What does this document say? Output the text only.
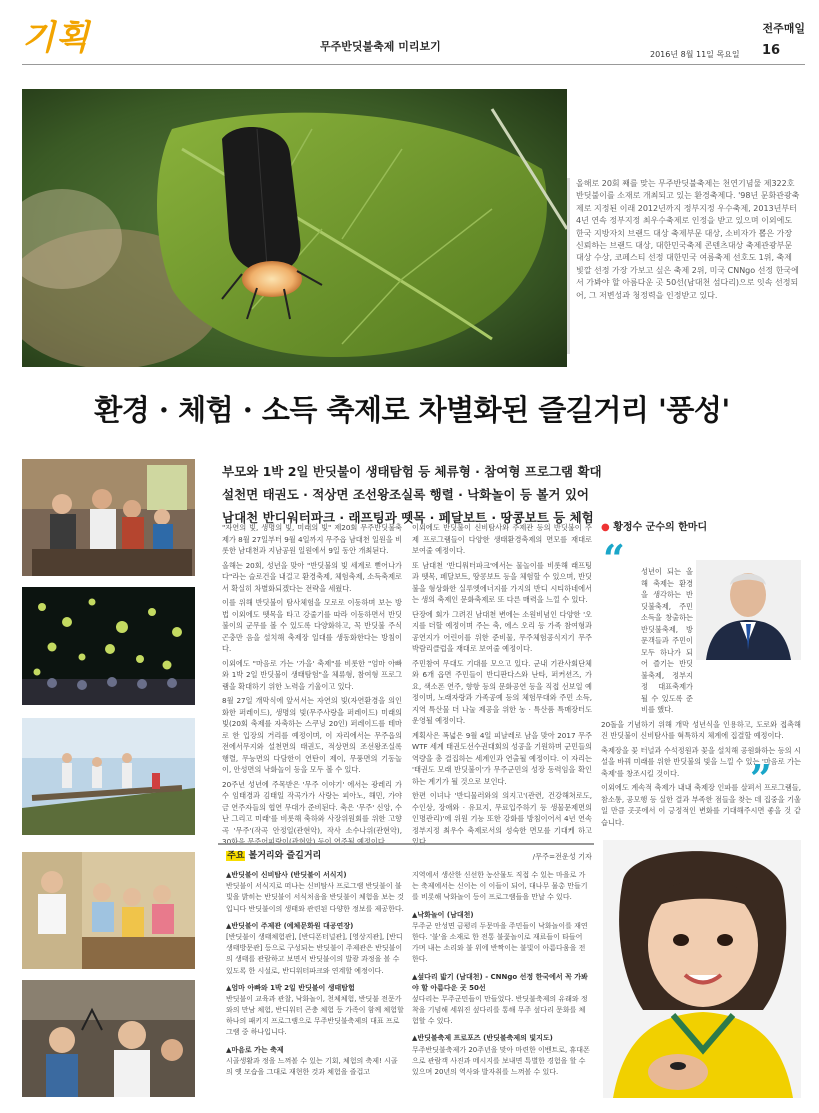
기획	무주반딧불축제 미리보기
전주매일
2016년 8월 11일 목요일 16
올해로 20회 째를 맞는 무주반딧불축제는 천연기념물 제322호 반딧불이를 소재로 개최되고 있는 환경축제다. '98년 문화관광축제로 지정된 이래 2012년까지 정부지정 우수축제, 2013년부터 4년 연속 정부지정 최우수축제로 인정을 받고 있으며 이외에도 한국 지방자치 브랜드 대상 축제부문 대상, 소비자가 뽑은 가장 신뢰하는 브랜드 대상, 대한민국축제 콘텐츠대상 축제관광부문 대상 수상, 코페스티 선정 대한민국 여름축제 선호도 1위, 축제 빛깔 선정 가장 가보고 싶은 축제 2위, 미국 CNNgo 선정 한국에서 가봐야 할 아름다운 곳 50선(남대천 섬다리)으로 잇속 선정되어, 그 저변성과 청정력을 인정받고 있다.
환경 · 체험 · 소득 축제로 차별화된 즐길거리 '풍성'
부모와 1박 2일 반딧불이 생태탐험 등 체류형 · 참여형 프로그램 확대
설천면 태권도 · 적상면 조선왕조실록 행렬 · 낙화놀이 등 볼거 있어
남대천 반디워터파크 · 래프팅과 뗏목 · 페달보트 · 땅콩보트 등 체험

"자연의 빛, 생명의 빛, 미래의 빛" 제20회 무주반딧불축제가 8월 27일부터 9월 4일까지 무주읍 남대천 일원을 비롯한 남대천과 지남공원 일원에서 9일 동안 개최된다.

올해는 20회, 성년을 맞아 "반딧불의 빛 세계로 뻗어나가다"라는 슬로건을 내걸고 환경축제, 체험축제, 소득축제로서 확실히 차별화되겠다는 전략을 세웠다.

이를 위해 반딧불이 탐사체험을 모로로 이동하며 보는 방법 이외에도 뗏목을 타고 강줄기를 따라 이동하면서 반딧불이의 군무를 볼 수 있도록 다양화하고, 꼭 반딧불 주식 곤충만 음을 설치해 축제장 일대를 생동화한다는 방침이다.

이외에도 "마음로 가는 '가을' 축제"를 비롯한 "엄마 아빠와 1박 2일 반딧불이 생태탐험"을 체류형, 참여형 프로그램을 확대하기 위한 노력을 기울이고 있다.

8월 27일 개막식에 앞서서는 자연의 빛(자연환경을 의인화한 퍼레이드), 생명의 빛(무주사랑을 퍼레이드) 미래의 빛(20회 축제를 자축하는 스쿠닝 20인) 퍼레이드를 테마로 한 입장의 거리를 예정이며, 이 자리에서는 무주읍의 전에서무지와 설천면의 태권도, 적상면의 조선왕조실록 행렬, 무능면의 다담한이 연탄이 제이, 무풍면의 기동놀이, 안성면의 낙화놀이 등을 모두 볼 수 있다.

20주년 성년에 주목받은 '무주 이야기' 에서는 광레리 가수 임태경과 김태일 작곡가가 사랑는 피아노, 해민, 가야금 연주자들의 협연 무대가 준비된다. 축은 '무주' 신앙, 수난 그리고 미래'를 비롯해 축하와 사장위원회를 위한 고향곡 '무주'(작곡 안정일(관현악), 작사 소수나위(관현악), 30화음 무주어피랑이(관현악) 등이 연주될 예정이다.

이외에도 반딧불이 신비탐사와 주제관 등의 반딧불이 주제 프로그램들이 다양한 생태환경축제의 면모를 재대로 보여줄 예정이다.

또 남대천 '반디워터파크'에서는 물놀이를 비롯해 래프팅과 뗏목, 페달보트, 땅콩보트 등을 체험할 수 있으며, 반딧불을 형상화한 실루엣에너지를 가지의 반디 시티하네에서는 생의 축제인 문화축제로 또 다른 매력을 느낄 수 있다.

단장에 회가 그려진 남대천 변에는 소원비념인 다양한 '오지를 더할 예정이며 주는 축, 에스 오리 등 가족 참여형과 공연지가 어린이를 위한 준비물, 무주체험공식지기 무주박람리클럽을 재대로 보여줄 예정이다.

주민참여 무대도 기대를 모으고 있다. 군내 기관사회단체와 6개 읍면 주민들이 반디판다스와 난타, 퍼커션즈, 가요, 색소폰 연주, 향항 등의 문화공연 등을 직접 선보일 예정이며, 노래자랑과 가족공예 등의 체험무대와 주민 소득, 지역 특산물 더 나눌 제공을 위한 농 · 특산품 특매장터도 운영될 예정이다.

계획사은 폭넓은 9월 4일 피날레로 남을 맞아 2017 무주 WTF 세계 태권도선수권대회의 성공을 기원하며 군민들의 역량을 총 결집하는 세계인과 연출될 예정이다. 이 자리는 '태권도 모래 반딧불이'가 무주군민의 성장 동력임을 확인하는 계기가 될 것으로 보인다.

한편 이녀나 '반디물러와의 의지고'(관련, 건강해쳐로도, 수인상, 장애와 · 유묘지, 무료입주하기 등 생물문제면의 인명관리)'에 위원 기능 또한 강화를 방침이어서 4년 연속 정부지정 최우수 축제로서의 성숙한 면모를 기대케 하고 있다.

/무주=전운성 기자

● 황정수 군수의 한마디
“	성년이 되는 올해 축제는 환경을 생각하는 반딧불축제, 주민소득을 창출하는 반딧불축제, 방문객들과 주민이 모두 하나가 되어 즐기는 반딧불축제, 정부지정 대표축제가 될 수 있도록 준비를 했다.

20돌을 기념하기 위해 개막 성년식을 인용하고, 도로와 접촉해진 반딧불이 신비탐사를 혁특하지 체계에 집결할 예정이다.

축제장을 꽃 터널과 수석정원과 꽃을 설치해 공원화하는 등의 시설을 바꿔 미래를 위한 반딧불의 빛을 느낄 수 있는 '마음로 가는 축제'를 창조시킬 것이다.

이외에도 계속적 축제가 내내 축제장 인파를 살펴서 프로그램들, 참소통, 공모행 등 실한 결과 부족한 점들을 찾는 데 집중을 기울일 만큼 곳곳에서 이 긍정적인 변화를 기대해주시면 좋을 것 같습니다.

”
주요 볼거리와 즐길거리

▲반딧불이 신비탐사 (반딧불이 서식지)
반딧불이 서식지로 떠나는 신비탐사 프로그램 반딧불이 불빛을 밝히는 반딧불이 서식처음을 반딧불이 체험을 보는 것입니다 반딧불이의 생태와 관련된 다양한 정보를 제공한다.

▲반딧불이 주제관 (예체문화원 대공연장)
[반딧불이 생태체험관], [반디폰터널관], [영상지관], [반디생태방문관] 등으로 구성되는 반딧불이 주제관은 반딧불이의 생태를 관람하고 보면서 반딧불이의 발광 과정을 볼 수 있도록 한 시설로, 반디워터파크와 연계할 예정이다.

▲엄마 아빠와 1박 2일 반딧불이 생태탐험
반딧불이 교육과 관찰, 낙화놀이, 천체체험, 반딧불 전문가와의 만남 체험, 반디워터 곤충 체험 등 가족이 함께 체험할 하나의 패키지 프로그램으로 무주반딧불축제의 대표 프로그램 중 하나입니다.

▲마음로 가는 축제
시골생활과 정을 느껴볼 수 있는 기회, 체험의 축제! 시골의 옛 모습을 그대로 재현한 것과 체험을 즐겁고

지역에서 생산한 신선한 농산물도 직접 수 있는 마을로 가는 축제에서는 신이는 이 이들이 되어, 대나무 물총 만들기를 비롯해 낙화놀이 등이 프로그램들을 만날 수 있다.

▲낙화놀이 (남대천)
무주군 안성면 금평리 두문마을 주민들이 낙화놀이를 재연한다. '불'을 소재로 한 전통 불꽃놀이로 재료들이 타들어 가며 내는 소리와 불 위에 반짝이는 불빛이 아름다움을 전한다.

▲섶다리 밟기 (남대천) - CNNgo 선정 한국에서 꼭 가봐야 할 아름다운 곳 50선
섶다리는 무주군민들이 만들었다. 반딧불축제의 유래와 정착을 기념해 세워진 섶다리를 통해 무주 섶다리 문화를 체험할 수 있다.

▲반딧불축제 프로포즈 (반딧불축제의 빛지도)
무주반딧불축제가 20주년을 맞아 마련한 이벤트로, 휴대폰으로 관람객 사진과 메시지를 보내면 특별한 경험을 할 수 있으며 20년의 역사와 발자취를 느껴볼 수 있다.
